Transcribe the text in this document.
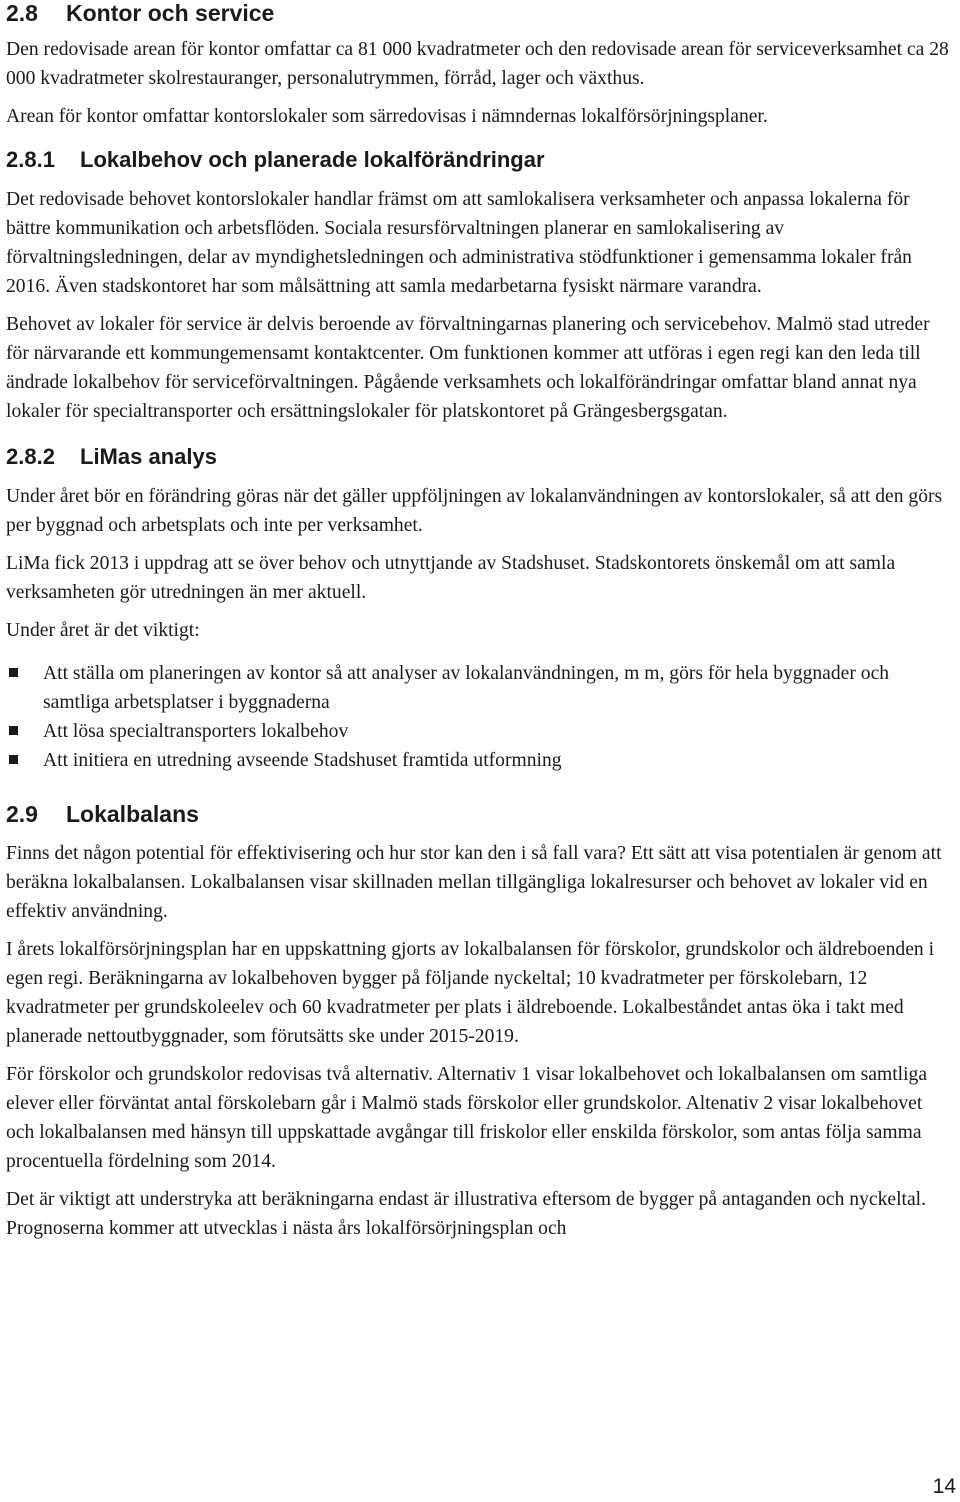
2.8 Kontor och service

Den redovisade arean för kontor omfattar ca 81 000 kvadratmeter och den redovisade arean för serviceverksamhet ca 28 000 kvadratmeter skolrestauranger, personalutrymmen, förråd, lager och växthus.

Arean för kontor omfattar kontorslokaler som särredovisas i nämndernas lokalförsörjningsplaner.

2.8.1 Lokalbehov och planerade lokalförändringar

Det redovisade behovet kontorslokaler handlar främst om att samlokalisera verksamheter och anpassa lokalerna för bättre kommunikation och arbetsflöden. Sociala resursförvaltningen planerar en samlokalisering av förvaltningsledningen, delar av myndighetsledningen och administrativa stödfunktioner i gemensamma lokaler från 2016. Även stadskontoret har som målsättning att samla medarbetarna fysiskt närmare varandra.

Behovet av lokaler för service är delvis beroende av förvaltningarnas planering och servicebehov. Malmö stad utreder för närvarande ett kommungemensamt kontaktcenter. Om funktionen kommer att utföras i egen regi kan den leda till ändrade lokalbehov för serviceförvaltningen. Pågående verksamhets och lokalförändringar omfattar bland annat nya lokaler för specialtransporter och ersättningslokaler för platskontoret på Grängesbergsgatan.

2.8.2 LiMas analys

Under året bör en förändring göras när det gäller uppföljningen av lokalanvändningen av kontorslokaler, så att den görs per byggnad och arbetsplats och inte per verksamhet.

LiMa fick 2013 i uppdrag att se över behov och utnyttjande av Stadshuset. Stadskontorets önskemål om att samla verksamheten gör utredningen än mer aktuell.

Under året är det viktigt:

Att ställa om planeringen av kontor så att analyser av lokalanvändningen, m m, görs för hela byggnader och samtliga arbetsplatser i byggnaderna
Att lösa specialtransporters lokalbehov
Att initiera en utredning avseende Stadshuset framtida utformning
2.9 Lokalbalans

Finns det någon potential för effektivisering och hur stor kan den i så fall vara? Ett sätt att visa potentialen är genom att beräkna lokalbalansen. Lokalbalansen visar skillnaden mellan tillgängliga lokalresurser och behovet av lokaler vid en effektiv användning.

I årets lokalförsörjningsplan har en uppskattning gjorts av lokalbalansen för förskolor, grundskolor och äldreboenden i egen regi. Beräkningarna av lokalbehoven bygger på följande nyckeltal; 10 kvadratmeter per förskolebarn, 12 kvadratmeter per grundskoleelev och 60 kvadratmeter per plats i äldreboende. Lokalbeståndet antas öka i takt med planerade nettoutbyggnader, som förutsätts ske under 2015-2019.

För förskolor och grundskolor redovisas två alternativ. Alternativ 1 visar lokalbehovet och lokalbalansen om samtliga elever eller förväntat antal förskolebarn går i Malmö stads förskolor eller grundskolor. Altenativ 2 visar lokalbehovet och lokalbalansen med hänsyn till uppskattade avgångar till friskolor eller enskilda förskolor, som antas följa samma procentuella fördelning som 2014.

Det är viktigt att understryka att beräkningarna endast är illustrativa eftersom de bygger på antaganden och nyckeltal. Prognoserna kommer att utvecklas i nästa års lokalförsörjningsplan och

14
